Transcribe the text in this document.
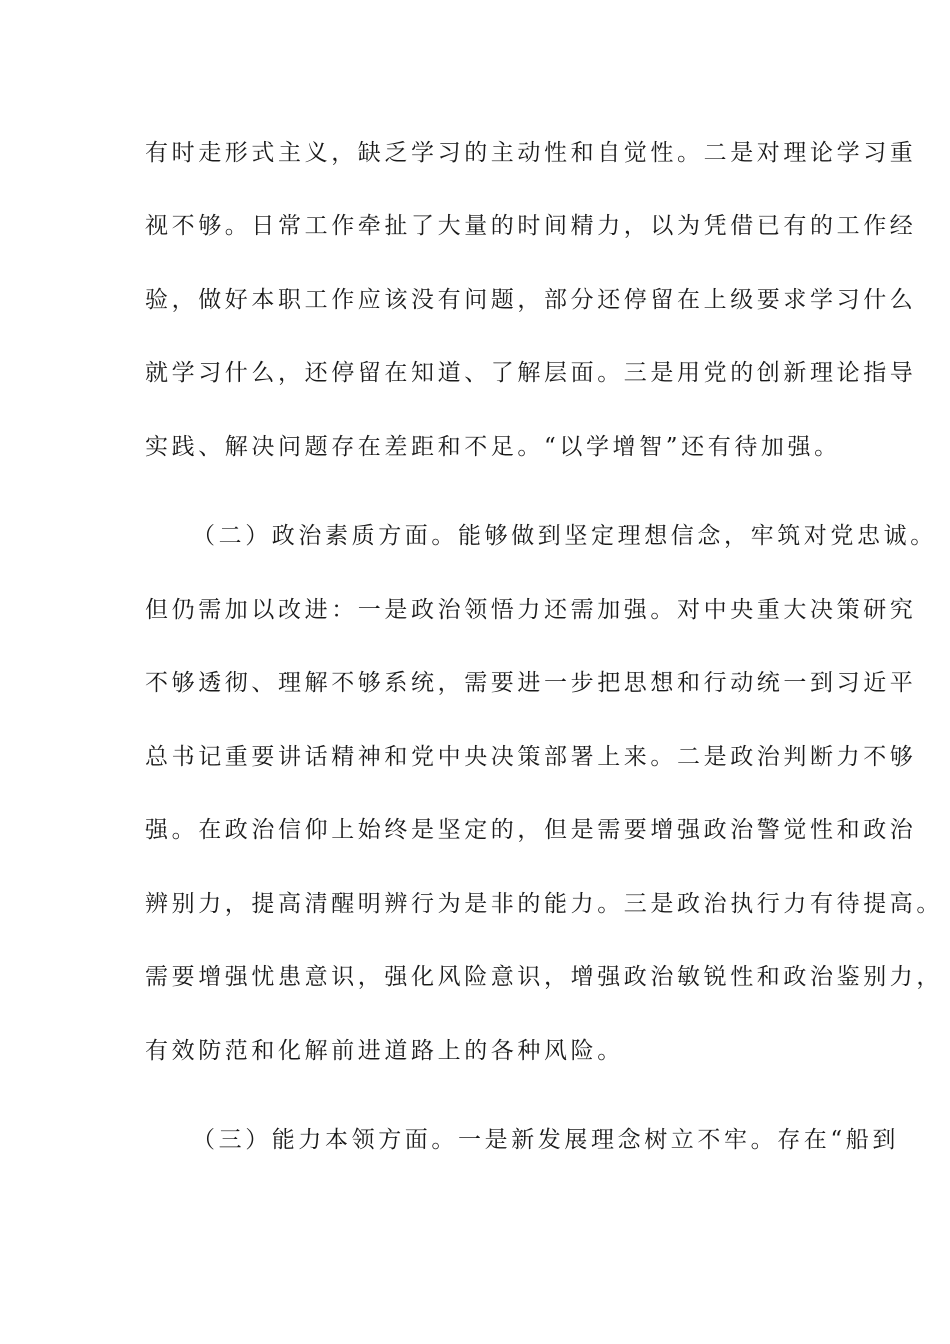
有时走形式主义，缺乏学习的主动性和自觉性。二是对理论学习重
视不够。日常工作牵扯了大量的时间精力，以为凭借已有的工作经
验，做好本职工作应该没有问题，部分还停留在上级要求学习什么
就学习什么，还停留在知道、了解层面。三是用党的创新理论指导
实践、解决问题存在差距和不足。“以学增智”还有待加强。
（二）政治素质方面。能够做到坚定理想信念，牢筑对党忠诚。
但仍需加以改进：一是政治领悟力还需加强。对中央重大决策研究
不够透彻、理解不够系统，需要进一步把思想和行动统一到习近平
总书记重要讲话精神和党中央决策部署上来。二是政治判断力不够
强。在政治信仰上始终是坚定的，但是需要增强政治警觉性和政治
辨别力，提高清醒明辨行为是非的能力。三是政治执行力有待提高。
需要增强忧患意识，强化风险意识，增强政治敏锐性和政治鉴别力，
有效防范和化解前进道路上的各种风险。
（三）能力本领方面。一是新发展理念树立不牢。存在“船到
